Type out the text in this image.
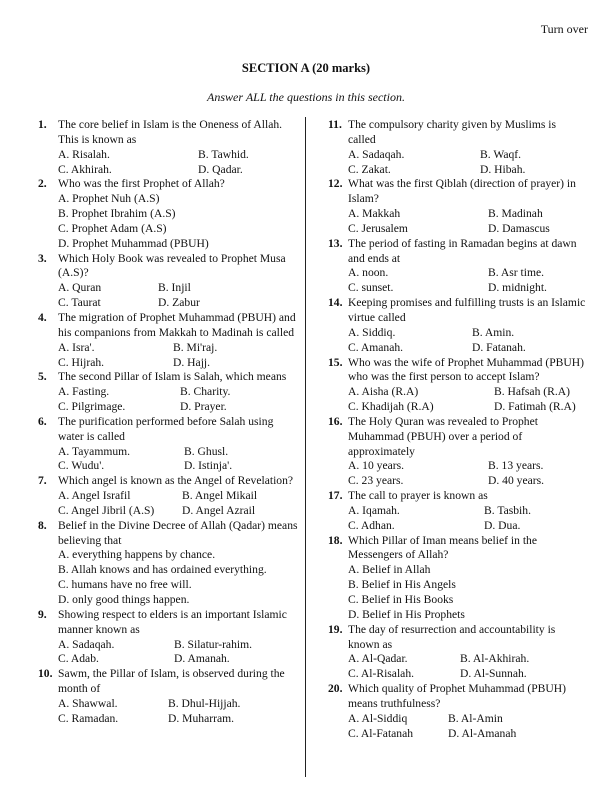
Turn over
SECTION A (20 marks)
Answer ALL the questions in this section.
1. The core belief in Islam is the Oneness of Allah. This is known as
A. Risalah.	B. Tawhid.
C. Akhirah.	D. Qadar.
2. Who was the first Prophet of Allah?
A. Prophet Nuh (A.S)
B. Prophet Ibrahim (A.S)
C. Prophet Adam (A.S)
D. Prophet Muhammad (PBUH)
3. Which Holy Book was revealed to Prophet Musa (A.S)?
A. Quran	B. Injil
C. Taurat	D. Zabur
4. The migration of Prophet Muhammad (PBUH) and his companions from Makkah to Madinah is called
A. Isra'.	B. Mi'raj.
C. Hijrah.	D. Hajj.
5. The second Pillar of Islam is Salah, which means
A. Fasting.	B. Charity.
C. Pilgrimage.	D. Prayer.
6. The purification performed before Salah using water is called
A. Tayammum.	B. Ghusl.
C. Wudu'.	D. Istinja'.
7. Which angel is known as the Angel of Revelation?
A. Angel Israfil	B. Angel Mikail
C. Angel Jibril (A.S)	D. Angel Azrail
8. Belief in the Divine Decree of Allah (Qadar) means believing that
A. everything happens by chance.
B. Allah knows and has ordained everything.
C. humans have no free will.
D. only good things happen.
9. Showing respect to elders is an important Islamic manner known as
A. Sadaqah.	B. Silatur-rahim.
C. Adab.	D. Amanah.
10. Sawm, the Pillar of Islam, is observed during the month of
A. Shawwal.	B. Dhul-Hijjah.
C. Ramadan.	D. Muharram.
11. The compulsory charity given by Muslims is called
A. Sadaqah.	B. Waqf.
C. Zakat.	D. Hibah.
12. What was the first Qiblah (direction of prayer) in Islam?
A. Makkah	B. Madinah
C. Jerusalem	D. Damascus
13. The period of fasting in Ramadan begins at dawn and ends at
A. noon.	B. Asr time.
C. sunset.	D. midnight.
14. Keeping promises and fulfilling trusts is an Islamic virtue called
A. Siddiq.	B. Amin.
C. Amanah.	D. Fatanah.
15. Who was the wife of Prophet Muhammad (PBUH) who was the first person to accept Islam?
A. Aisha (R.A)	B. Hafsah (R.A)
C. Khadijah (R.A)	D. Fatimah (R.A)
16. The Holy Quran was revealed to Prophet Muhammad (PBUH) over a period of approximately
A. 10 years.	B. 13 years.
C. 23 years.	D. 40 years.
17. The call to prayer is known as
A. Iqamah.	B. Tasbih.
C. Adhan.	D. Dua.
18. Which Pillar of Iman means belief in the Messengers of Allah?
A. Belief in Allah
B. Belief in His Angels
C. Belief in His Books
D. Belief in His Prophets
19. The day of resurrection and accountability is known as
A. Al-Qadar.	B. Al-Akhirah.
C. Al-Risalah.	D. Al-Sunnah.
20. Which quality of Prophet Muhammad (PBUH) means truthfulness?
A. Al-Siddiq	B. Al-Amin
C. Al-Fatanah	D. Al-Amanah
